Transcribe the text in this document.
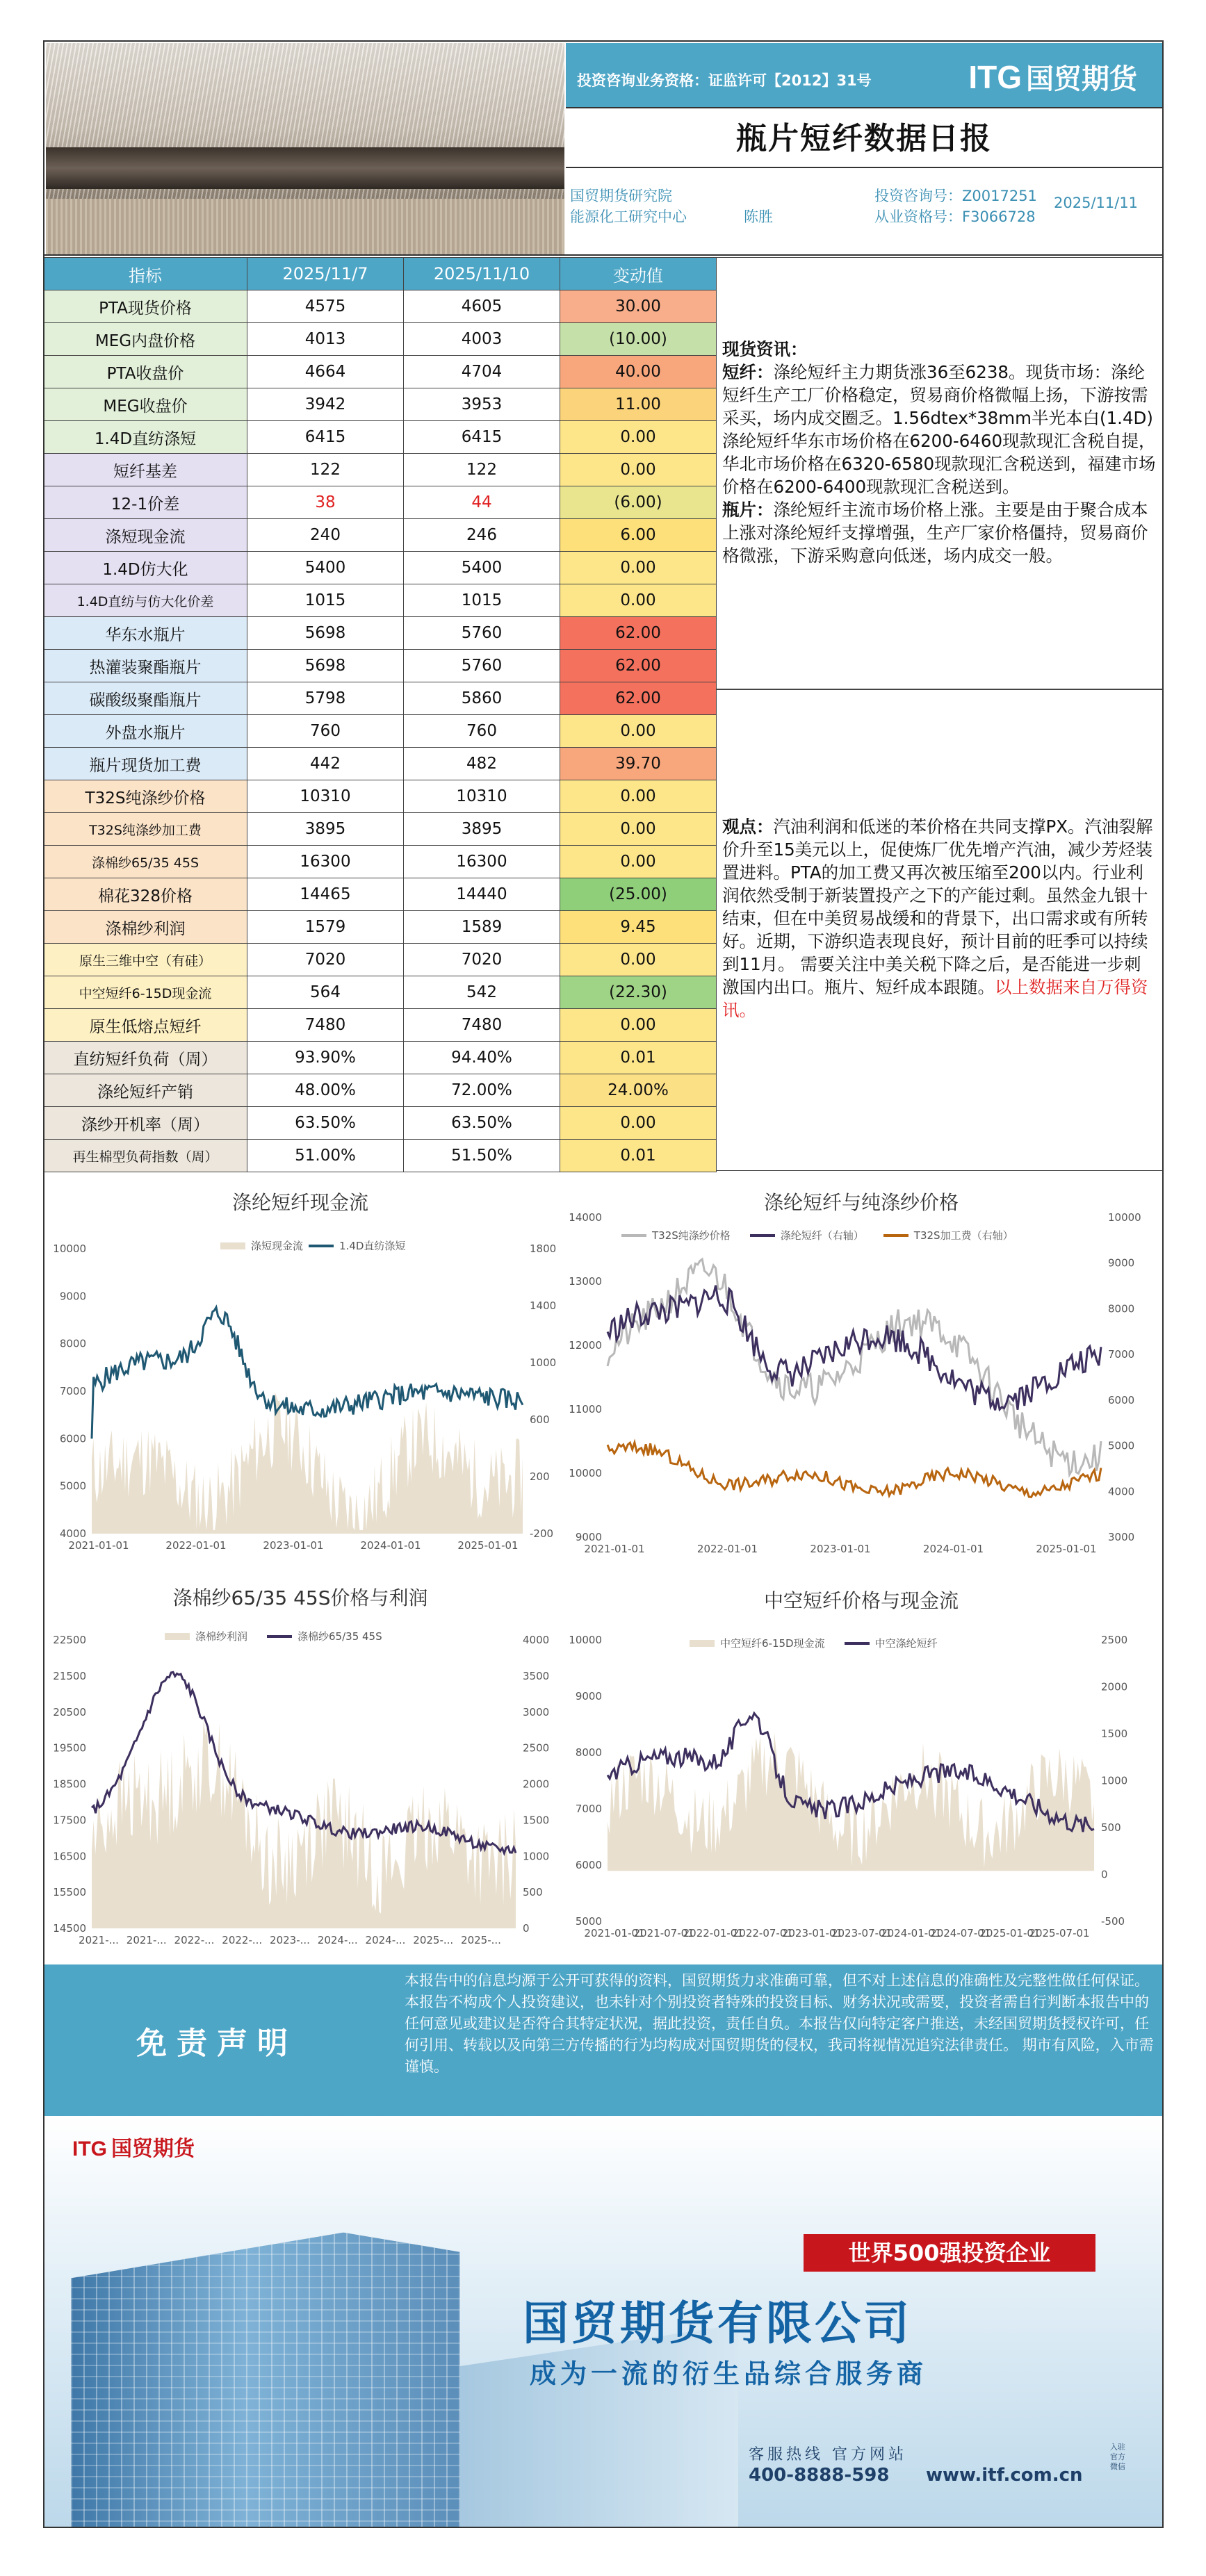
投资咨询业务资格：证监许可【2012】31号	ITG 国贸期货
瓶片短纤数据日报
国贸期货研究院
能源化工研究中心	陈胜
投资咨询号：Z0017251
从业资格号：F3066728
2025/11/11
指标	2025/11/7	2025/11/10	变动值
PTA现货价格	4575	4605	30.00
MEG内盘价格	4013	4003	(10.00)
PTA收盘价	4664	4704	40.00
MEG收盘价	3942	3953	11.00
1.4D直纺涤短	6415	6415	0.00
短纤基差	122	122	0.00
12-1价差	38	44	(6.00)
涤短现金流	240	246	6.00
1.4D仿大化	5400	5400	0.00
1.4D直纺与仿大化价差	1015	1015	0.00
华东水瓶片	5698	5760	62.00
热灌装聚酯瓶片	5698	5760	62.00
碳酸级聚酯瓶片	5798	5860	62.00
外盘水瓶片	760	760	0.00
瓶片现货加工费	442	482	39.70
T32S纯涤纱价格	10310	10310	0.00
T32S纯涤纱加工费	3895	3895	0.00
涤棉纱65/35 45S	16300	16300	0.00
棉花328价格	14465	14440	(25.00)
涤棉纱利润	1579	1589	9.45
原生三维中空（有硅）	7020	7020	0.00
中空短纤6-15D现金流	564	542	(22.30)
原生低熔点短纤	7480	7480	0.00
直纺短纤负荷（周）	93.90%	94.40%	0.01
涤纶短纤产销	48.00%	72.00%	24.00%
涤纱开机率（周）	63.50%	63.50%	0.00
再生棉型负荷指数（周）	51.00%	51.50%	0.01
现货资讯：
短纤：涤纶短纤主力期货涨36至6238。现货市场：涤纶短纤生产工厂价格稳定，贸易商价格微幅上扬，下游按需采买，场内成交圈乏。1.56dtex*38mm半光本白(1.4D)涤纶短纤华东市场价格在6200-6460现款现汇含税自提，华北市场价格在6320-6580现款现汇含税送到，福建市场价格在6200-6400现款现汇含税送到。
瓶片：涤纶短纤主流市场价格上涨。主要是由于聚合成本上涨对涤纶短纤支撑增强，生产厂家价格僵持，贸易商价格微涨，下游采购意向低迷，场内成交一般。
观点：汽油利润和低迷的苯价格在共同支撑PX。汽油裂解价升至15美元以上，促使炼厂优先增产汽油，减少芳烃装置进料。PTA的加工费又再次被压缩至200以内。行业利润依然受制于新装置投产之下的产能过剩。虽然金九银十结束，但在中美贸易战缓和的背景下，出口需求或有所转好。近期，下游织造表现良好，预计目前的旺季可以持续到11月。 需要关注中美关税下降之后，是否能进一步刺激国内出口。瓶片、短纤成本跟随。以上数据来自万得资讯。
涤纶短纤现金流
涤短现金流	1.4D直纺涤短
10000
9000
8000
7000
6000
5000
4000
1800
1400
1000
600
200
-200
2021-01-01	2022-01-01	2023-01-01	2024-01-01	2025-01-01
涤纶短纤与纯涤纱价格
T32S纯涤纱价格	涤纶短纤（右轴）	T32S加工费（右轴）
14000
13000
12000
11000
10000
9000
10000
9000
8000
7000
6000
5000
4000
3000
2021-01-01	2022-01-01	2023-01-01	2024-01-01	2025-01-01
涤棉纱65/35 45S价格与利润
涤棉纱利润	涤棉纱65/35 45S
22500
21500
20500
19500
18500
17500
16500
15500
14500
4000
3500
3000
2500
2000
1500
1000
500
0
2021-... 2021-... 2022-... 2022-... 2023-... 2024-... 2024-... 2025-... 2025-...
中空短纤价格与现金流
中空短纤6-15D现金流	中空涤纶短纤
10000
9000
8000
7000
6000
5000
2500
2000
1500
1000
500
0
-500
2021-01-01
2021-07-01
2022-01-01
2022-07-01
2023-01-01
2023-07-01
2024-01-01
2024-07-01
2025-01-01
2025-07-01
免责声明
本报告中的信息均源于公开可获得的资料，国贸期货力求准确可靠，但不对上述信息的准确性及完整性做任何保证。本报告不构成个人投资建议，也未针对个别投资者特殊的投资目标、财务状况或需要，投资者需自行判断本报告中的任何意见或建议是否符合其特定状况，据此投资，责任自负。本报告仅向特定客户推送，未经国贸期货授权许可，任何引用、转载以及向第三方传播的行为均构成对国贸期货的侵权，我司将视情况追究法律责任。 期市有风险，入市需谨慎。
ITG 国贸期货
世界500强投资企业
国贸期货有限公司
成为一流的衍生品综合服务商
客服热线 官方网站
400-8888-598 www.itf.com.cn
入驻官方微信
